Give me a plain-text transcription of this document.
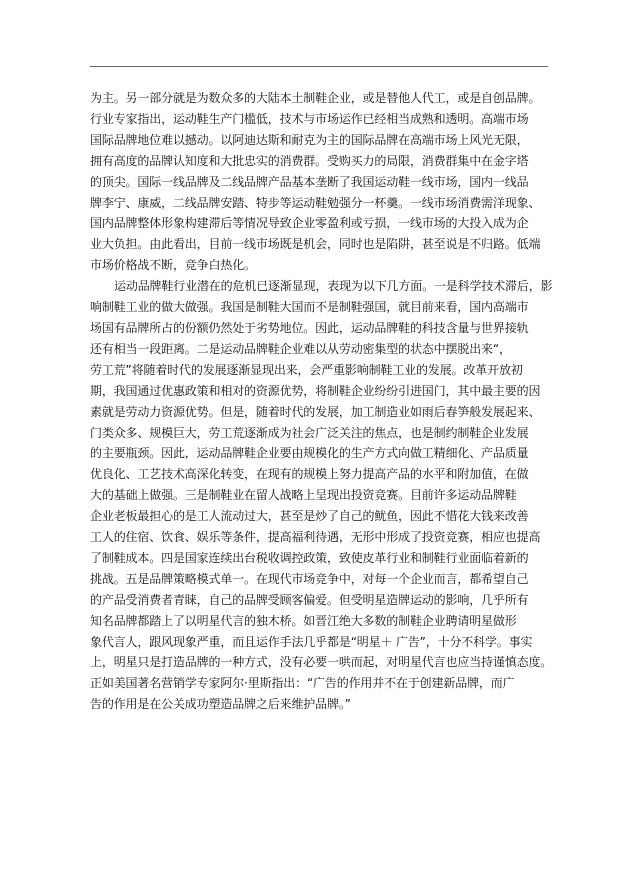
为主。另一部分就是为数众多的大陆本土制鞋企业，或是替他人代工，或是自创品牌。
行业专家指出，运动鞋生产门槛低，技术与市场运作已经相当成熟和透明。高端市场
国际品牌地位难以撼动。以阿迪达斯和耐克为主的国际品牌在高端市场上风光无限，
拥有高度的品牌认知度和大批忠实的消费群。受购买力的局限，消费群集中在金字塔
的顶尖。国际一线品牌及二线品牌产品基本垄断了我国运动鞋一线市场，国内一线品
牌李宁、康威，二线品牌安踏、特步等运动鞋勉强分一杯羹。一线市场消费需洋现象、
国内品牌整体形象构建滞后等情况导致企业零盈利或亏损，一线市场的大投入成为企
业大负担。由此看出，目前一线市场既是机会，同时也是陷阱，甚至说是不归路。低端
市场价格战不断，竞争白热化。

运动品牌鞋行业潜在的危机已逐渐显现，表现为以下几方面。一是科学技术滞后，影
响制鞋工业的做大做强。我国是制鞋大国而不是制鞋强国，就目前来看，国内高端市
场国有品牌所占的份额仍然处于劣势地位。因此，运动品牌鞋的科技含量与世界接轨
还有相当一段距离。二是运动品牌鞋企业难以从劳动密集型的状态中摆脱出来“，
劳工荒”将随着时代的发展逐渐显现出来，会严重影响制鞋工业的发展。改革开放初
期，我国通过优惠政策和相对的资源优势，将制鞋企业纷纷引进国门，其中最主要的因
素就是劳动力资源优势。但是，随着时代的发展，加工制造业如雨后春笋般发展起来、
门类众多、规模巨大，劳工荒逐渐成为社会广泛关注的焦点，也是制约制鞋企业发展
的主要瓶颈。因此，运动品牌鞋企业要由规模化的生产方式向做工精细化、产品质量
优良化、工艺技术高深化转变，在现有的规模上努力提高产品的水平和附加值，在做
大的基础上做强。三是制鞋业在留人战略上呈现出投资竞赛。目前许多运动品牌鞋
企业老板最担心的是工人流动过大，甚至是炒了自己的鱿鱼，因此不惜花大钱来改善
工人的住宿、饮食、娱乐等条件，提高福利待遇，无形中形成了投资竞赛，相应也提高
了制鞋成本。四是国家连续出台税收调控政策，致使皮革行业和制鞋行业面临着新的
挑战。五是品牌策略模式单一。在现代市场竞争中，对每一个企业而言，都希望自己
的产品受消费者青睐，自己的品牌受顾客偏爱。但受明星造牌运动的影响，几乎所有
知名品牌都踏上了以明星代言的独木桥。如晋江绝大多数的制鞋企业聘请明星做形
象代言人，跟风现象严重，而且运作手法几乎都是“明星＋ 广告”，十分不科学。事实
上，明星只是打造品牌的一种方式，没有必要一哄而起，对明星代言也应当持谨慎态度。
正如美国著名营销学专家阿尔·里斯指出：“广告的作用并不在于创建新品牌，而广
告的作用是在公关成功塑造品牌之后来维护品牌。”
